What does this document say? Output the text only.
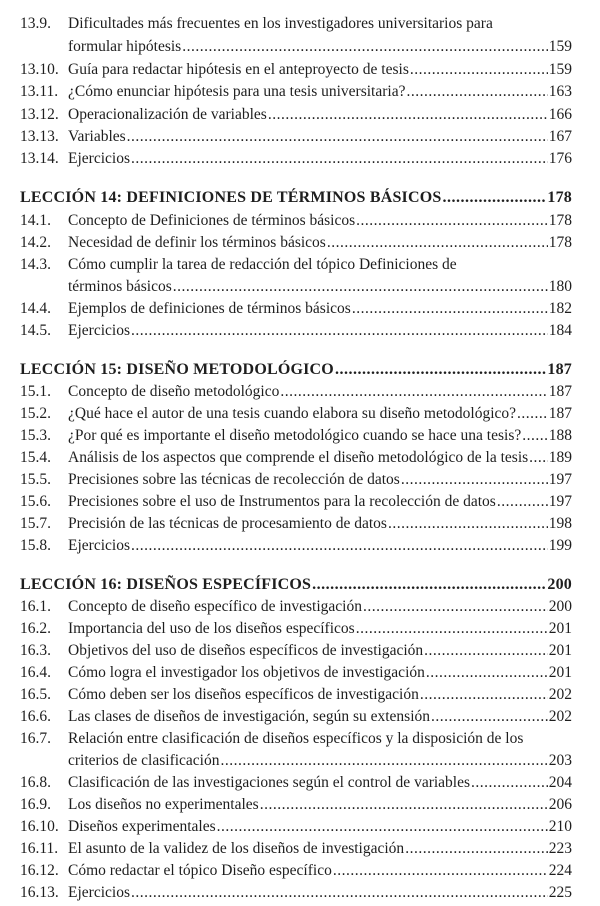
13.9. Dificultades más frecuentes en los investigadores universitarios para
formular hipótesis .....	159
13.10. Guía para redactar hipótesis en el anteproyecto de tesis .....	159
13.11. ¿Cómo enunciar hipótesis para una tesis universitaria? .....	163
13.12. Operacionalización de variables .....	166
13.13. Variables .....	167
13.14. Ejercicios .....	176
LECCIÓN 14: DEFINICIONES DE TÉRMINOS BÁSICOS .....	178
14.1. Concepto de Definiciones de términos básicos .....	178
14.2. Necesidad de definir los términos básicos .....	178
14.3. Cómo cumplir la tarea de redacción del tópico Definiciones de
términos básicos .....	180
14.4. Ejemplos de definiciones de términos básicos .....	182
14.5. Ejercicios .....	184
LECCIÓN 15: DISEÑO METODOLÓGICO .....	187
15.1. Concepto de diseño metodológico .....	187
15.2. ¿Qué hace el autor de una tesis cuando elabora su diseño metodológico? ..... 187
15.3. ¿Por qué es importante el diseño metodológico cuando se hace una tesis? ..... 188
15.4. Análisis de los aspectos que comprende el diseño metodológico de la tesis ..... 189
15.5. Precisiones sobre las técnicas de recolección de datos .....	197
15.6. Precisiones sobre el uso de Instrumentos para la recolección de datos .....	197
15.7. Precisión de las técnicas de procesamiento de datos .....	198
15.8. Ejercicios .....	199
LECCIÓN 16: DISEÑOS ESPECÍFICOS .....	200
16.1. Concepto de diseño específico de investigación .....	200
16.2. Importancia del uso de los diseños específicos .....	201
16.3. Objetivos del uso de diseños específicos de investigación .....	201
16.4. Cómo logra el investigador los objetivos de investigación .....	201
16.5. Cómo deben ser los diseños específicos de investigación .....	202
16.6. Las clases de diseños de investigación, según su extensión .....	202
16.7. Relación entre clasificación de diseños específicos y la disposición de los
criterios de clasificación .....	203
16.8. Clasificación de las investigaciones según el control de variables .....	204
16.9. Los diseños no experimentales .....	206
16.10. Diseños experimentales .....	210
16.11. El asunto de la validez de los diseños de investigación .....	223
16.12. Cómo redactar el tópico Diseño específico .....	224
16.13. Ejercicios .....	225
